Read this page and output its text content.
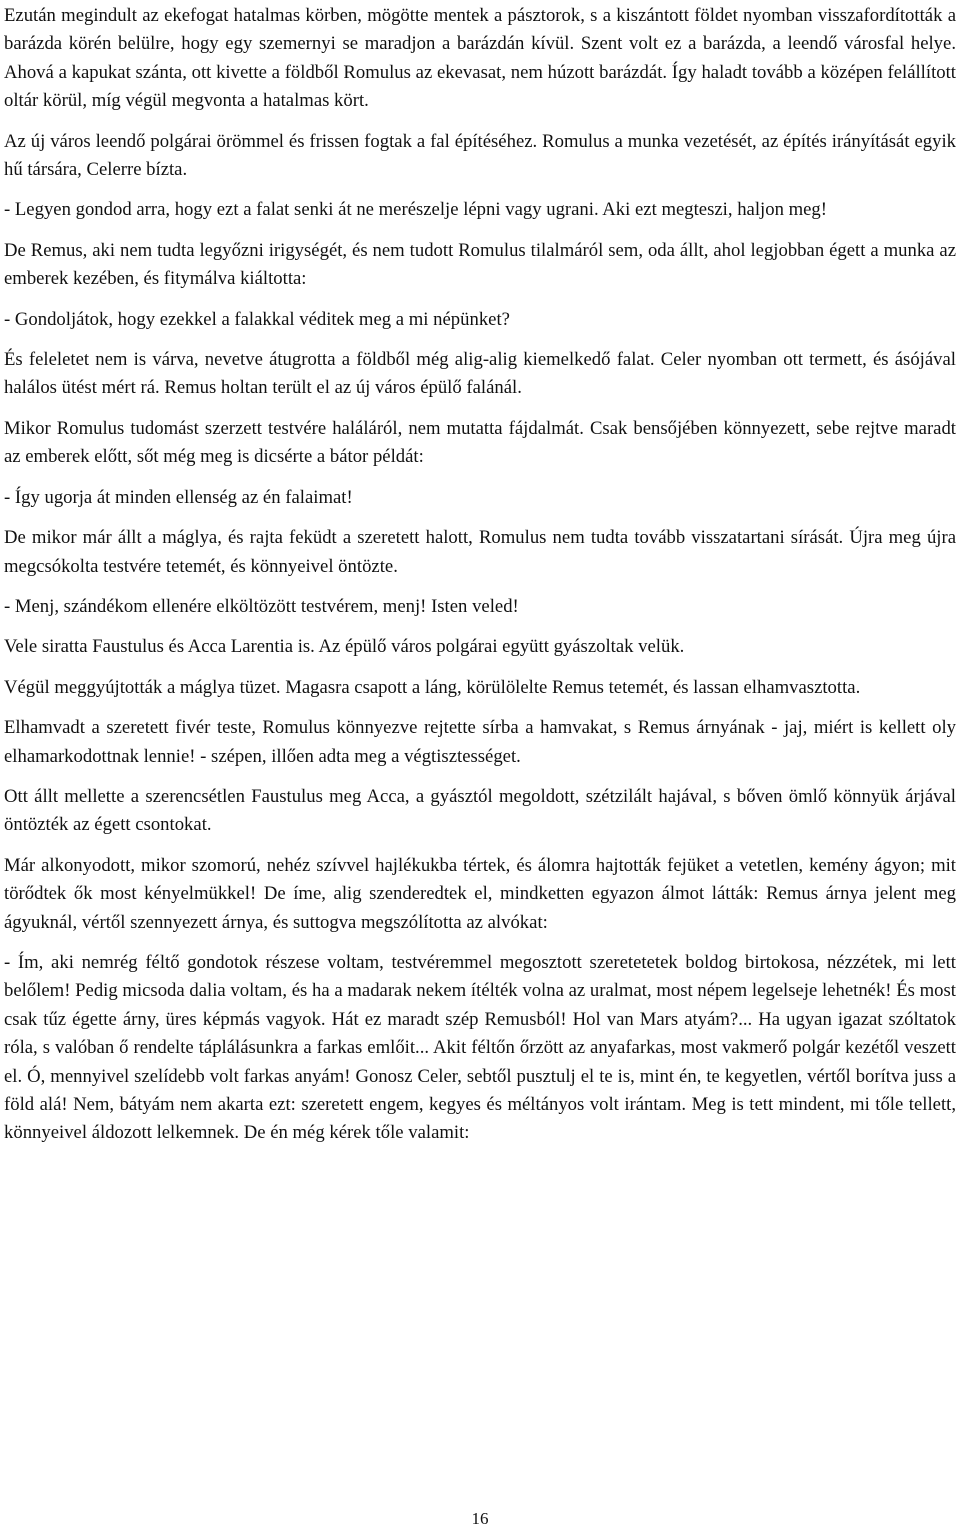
Ezután megindult az ekefogat hatalmas körben, mögötte mentek a pásztorok, s a kiszántott földet nyomban visszafordították a barázda körén belülre, hogy egy szemernyi se maradjon a barázdán kívül. Szent volt ez a barázda, a leendő városfal helye. Ahová a kapukat szánta, ott kivette a földből Romulus az ekevasat, nem húzott barázdát. Így haladt tovább a középen felállított oltár körül, míg végül megvonta a hatalmas kört.

Az új város leendő polgárai örömmel és frissen fogtak a fal építéséhez. Romulus a munka vezetését, az építés irányítását egyik hű társára, Celerre bízta.

- Legyen gondod arra, hogy ezt a falat senki át ne merészelje lépni vagy ugrani. Aki ezt megteszi, haljon meg!

De Remus, aki nem tudta legyőzni irigységét, és nem tudott Romulus tilalmáról sem, oda állt, ahol legjobban égett a munka az emberek kezében, és fitymálva kiáltotta:

- Gondoljátok, hogy ezekkel a falakkal véditek meg a mi népünket?

És feleletet nem is várva, nevetve átugrotta a földből még alig-alig kiemelkedő falat. Celer nyomban ott termett, és ásójával halálos ütést mért rá. Remus holtan terült el az új város épülő falánál.

Mikor Romulus tudomást szerzett testvére haláláról, nem mutatta fájdalmát. Csak bensőjében könnyezett, sebe rejtve maradt az emberek előtt, sőt még meg is dicsérte a bátor példát:

- Így ugorja át minden ellenség az én falaimat!

De mikor már állt a máglya, és rajta feküdt a szeretett halott, Romulus nem tudta tovább visszatartani sírását. Újra meg újra megcsókolta testvére tetemét, és könnyeivel öntözte.

- Menj, szándékom ellenére elköltözött testvérem, menj! Isten veled!

Vele siratta Faustulus és Acca Larentia is. Az épülő város polgárai együtt gyászoltak velük.

Végül meggyújtották a máglya tüzet. Magasra csapott a láng, körülölelte Remus tetemét, és lassan elhamvasztotta.

Elhamvadt a szeretett fivér teste, Romulus könnyezve rejtette sírba a hamvakat, s Remus árnyának - jaj, miért is kellett oly elhamarkodottnak lennie! - szépen, illően adta meg a végtisztességet.

Ott állt mellette a szerencsétlen Faustulus meg Acca, a gyásztól megoldott, szétzilált hajával, s bőven ömlő könnyük árjával öntözték az égett csontokat.

Már alkonyodott, mikor szomorú, nehéz szívvel hajlékukba tértek, és álomra hajtották fejüket a vetetlen, kemény ágyon; mit törődtek ők most kényelmükkel! De íme, alig szenderedtek el, mindketten egyazon álmot látták: Remus árnya jelent meg ágyuknál, vértől szennyezett árnya, és suttogva megszólította az alvókat:

- Ím, aki nemrég féltő gondotok részese voltam, testvéremmel megosztott szeretetetek boldog birtokosa, nézzétek, mi lett belőlem! Pedig micsoda dalia voltam, és ha a madarak nekem ítélték volna az uralmat, most népem legelseje lehetnék! És most csak tűz égette árny, üres képmás vagyok. Hát ez maradt szép Remusból! Hol van Mars atyám?... Ha ugyan igazat szóltatok róla, s valóban ő rendelte táplálásunkra a farkas emlőit... Akit féltőn őrzött az anyafarkas, most vakmerő polgár kezétől veszett el. Ó, mennyivel szelídebb volt farkas anyám! Gonosz Celer, sebtől pusztulj el te is, mint én, te kegyetlen, vértől borítva juss a föld alá! Nem, bátyám nem akarta ezt: szeretett engem, kegyes és méltányos volt irántam. Meg is tett mindent, mi tőle tellett, könnyeivel áldozott lelkemnek. De én még kérek tőle valamit:

16
